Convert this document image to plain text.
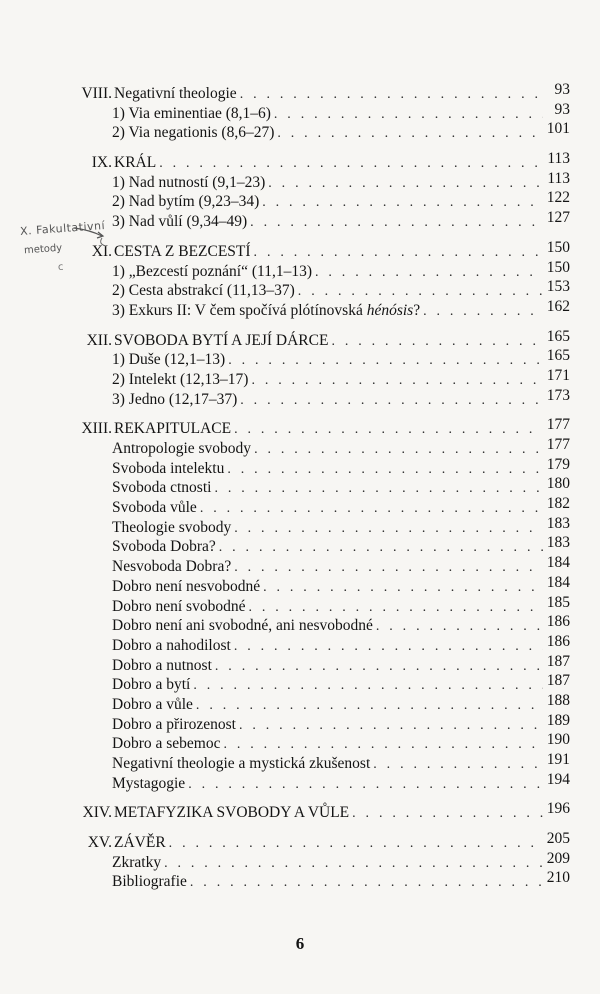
VIII. Negativní theologie . . .	93
1) Via eminentiae (8,1–6) . . .	93
2) Via negationis (8,6–27) . . .	101
IX. KRÁL . . .	113
1) Nad nutností (9,1–23) . . .	113
2) Nad bytím (9,23–34) . . .	122
3) Nad vůlí (9,34–49) . . .	127
XI. CESTA Z BEZCESTÍ . . .	150
1) „Bezcestí poznání“ (11,1–13) . . .	150
2) Cesta abstrakcí (11,13–37) . . .	153
3) Exkurs II: V čem spočívá plótínovská hénósis? . . .	162
XII. SVOBODA BYTÍ A JEJÍ DÁRCE . . .	165
1) Duše (12,1–13) . . .	165
2) Intelekt (12,13–17) . . .	171
3) Jedno (12,17–37) . . .	173
XIII. REKAPITULACE . . .	177
Antropologie svobody . . .	177
Svoboda intelektu . . .	179
Svoboda ctnosti . . .	180
Svoboda vůle . . .	182
Theologie svobody . . .	183
Svoboda Dobra? . . .	183
Nesvoboda Dobra? . . .	184
Dobro není nesvobodné . . .	184
Dobro není svobodné . . .	185
Dobro není ani svobodné, ani nesvobodné . . .	186
Dobro a nahodilost . . .	186
Dobro a nutnost . . .	187
Dobro a bytí . . .	187
Dobro a vůle . . .	188
Dobro a přirozenost . . .	189
Dobro a sebemoc . . .	190
Negativní theologie a mystická zkušenost . . .	191
Mystagogie . . .	194
XIV. METAFYZIKA SVOBODY A VŮLE . . .	196
XV. ZÁVĚR . . .	205
Zkratky . . .	209
Bibliografie . . .	210
X. Fakultativní
metody
c
6
